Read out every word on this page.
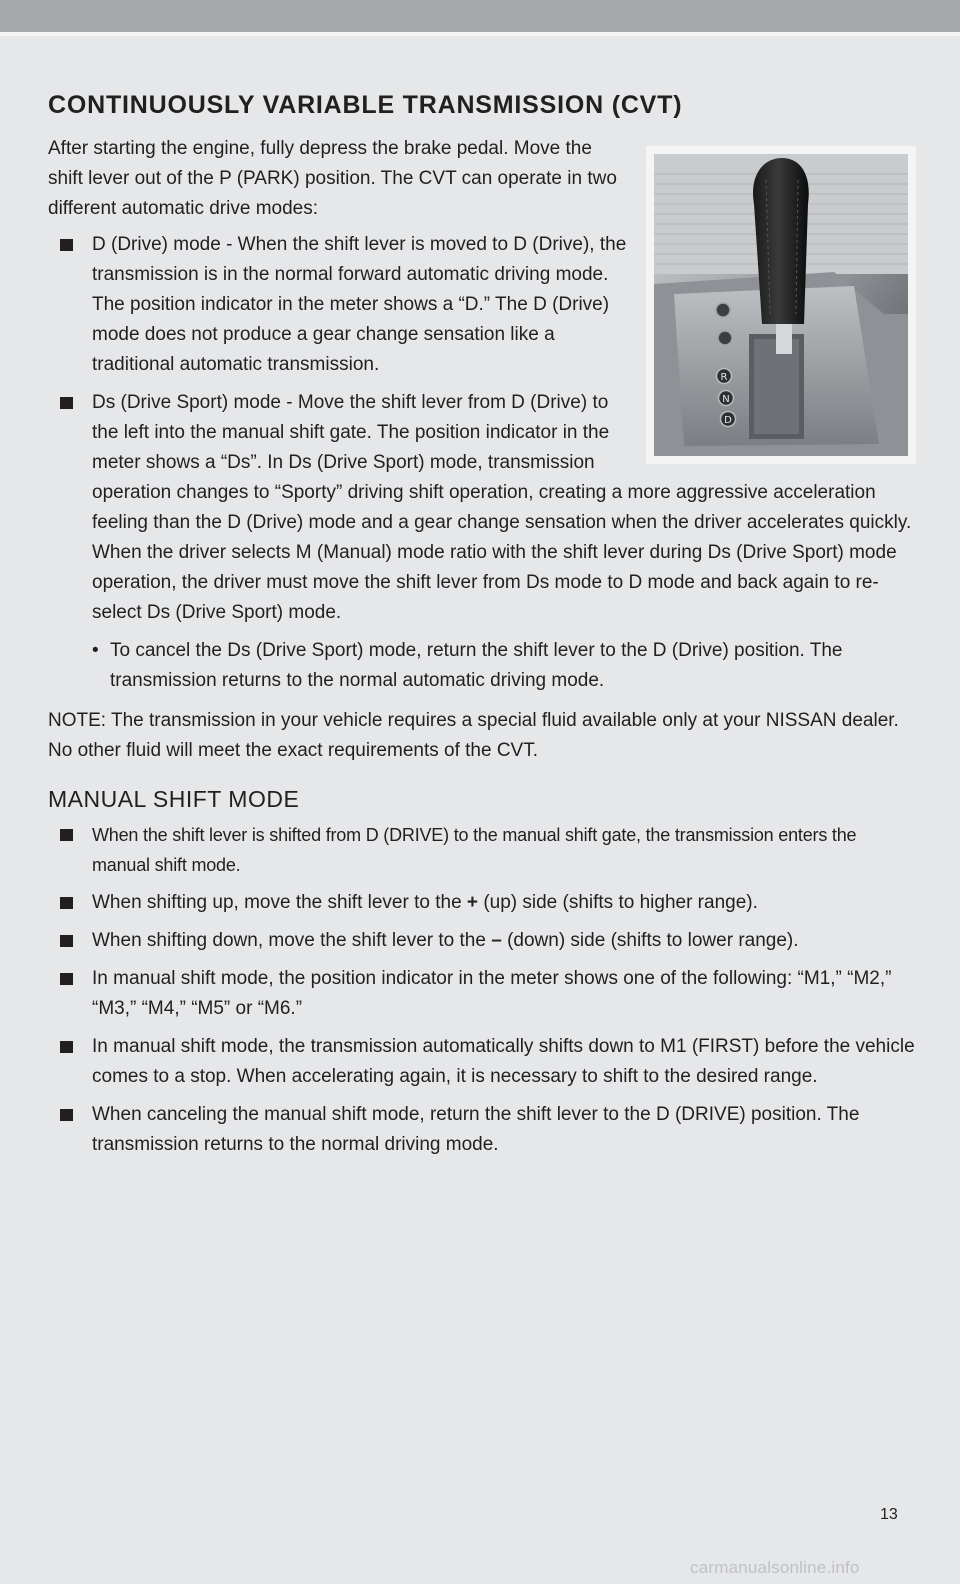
CONTINUOUSLY VARIABLE TRANSMISSION (CVT)
R
N
D

After starting the engine, fully depress the brake pedal. Move the shift lever out of the P (PARK) position. The CVT can operate in two different automatic drive modes:

D (Drive) mode - When the shift lever is moved to D (Drive), the transmission is in the normal forward automatic driving mode. The position indicator in the meter shows a “D.” The D (Drive) mode does not produce a gear change sensation like a traditional automatic transmission.
Ds (Drive Sport) mode - Move the shift lever from D (Drive) to the left into the manual shift gate. The position indicator in the meter shows a “Ds”. In Ds (Drive Sport) mode, transmission operation changes to “Sporty” driving shift operation, creating a more aggressive acceleration feeling than the D (Drive) mode and a gear change sensation when the driver accelerates quickly. When the driver selects M (Manual) mode ratio with the shift lever during Ds (Drive Sport) mode operation, the driver must move the shift lever from Ds mode to D mode and back again to re-select Ds (Drive Sport) mode.
• To cancel the Ds (Drive Sport) mode, return the shift lever to the D (Drive) position. The transmission returns to the normal automatic driving mode.

NOTE: The transmission in your vehicle requires a special fluid available only at your NISSAN dealer. No other fluid will meet the exact requirements of the CVT.

MANUAL SHIFT MODE
When the shift lever is shifted from D (DRIVE) to the manual shift gate, the transmission enters the manual shift mode.
When shifting up, move the shift lever to the + (up) side (shifts to higher range).
When shifting down, move the shift lever to the – (down) side (shifts to lower range).
In manual shift mode, the position indicator in the meter shows one of the following: “M1,” “M2,” “M3,” “M4,” “M5” or “M6.”
In manual shift mode, the transmission automatically shifts down to M1 (FIRST) before the vehicle comes to a stop. When accelerating again, it is necessary to shift to the desired range.
When canceling the manual shift mode, return the shift lever to the D (DRIVE) position. The transmission returns to the normal driving mode.
13
carmanualsonline.info
